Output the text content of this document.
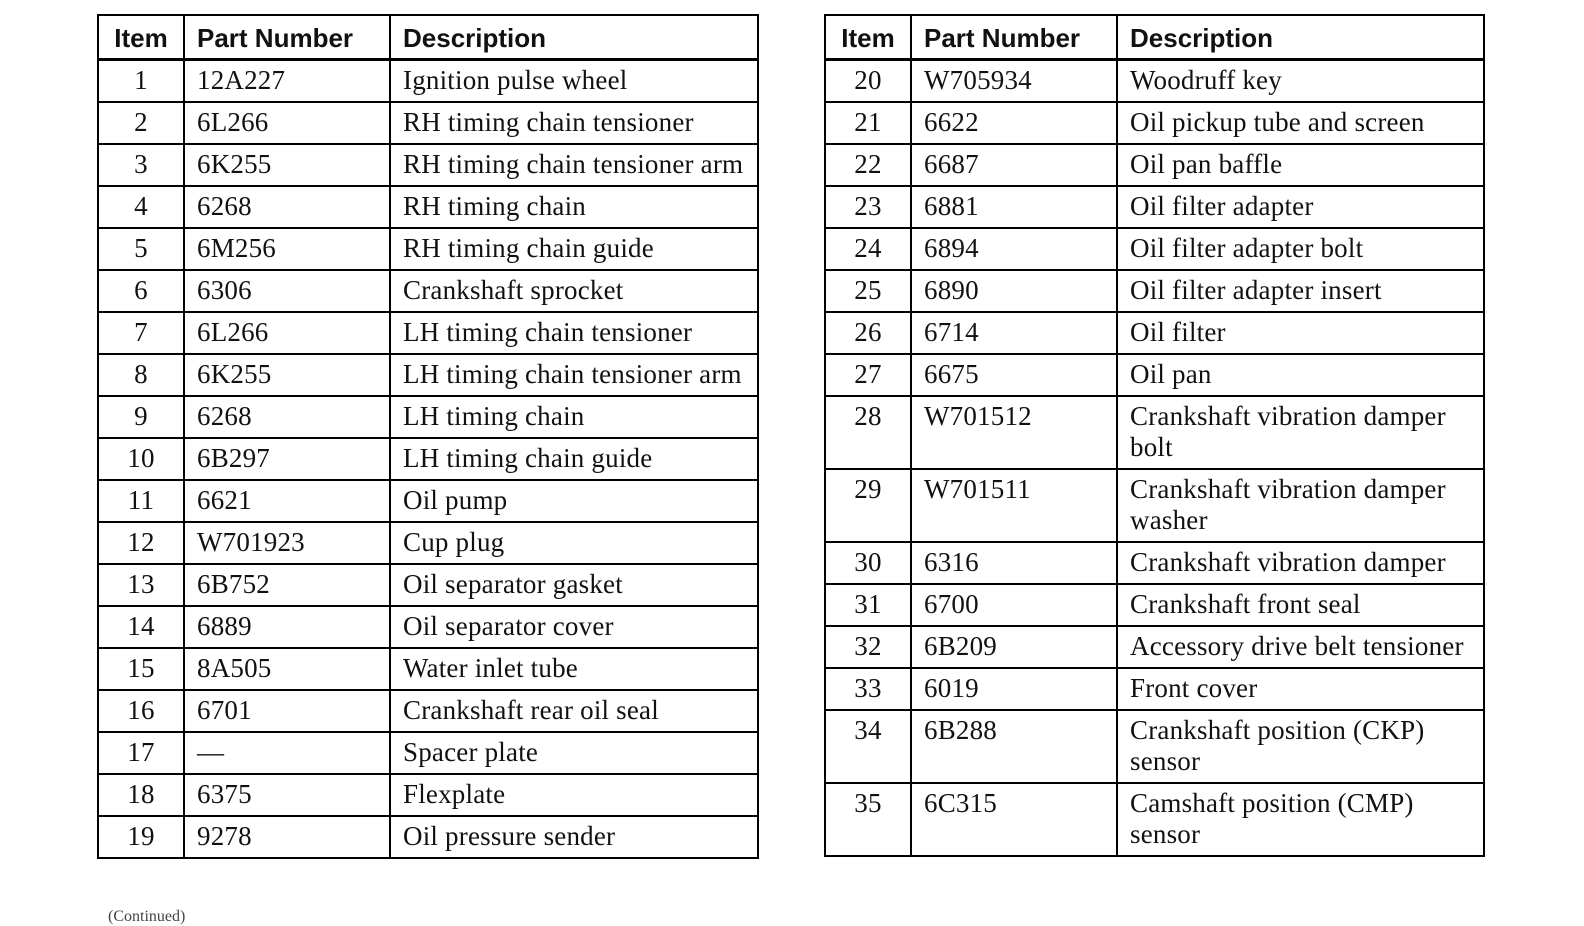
Item	Part Number	Description
1	12A227	Ignition pulse wheel
2	6L266	RH timing chain tensioner
3	6K255	RH timing chain tensioner arm
4	6268	RH timing chain
5	6M256	RH timing chain guide
6	6306	Crankshaft sprocket
7	6L266	LH timing chain tensioner
8	6K255	LH timing chain tensioner arm
9	6268	LH timing chain
10	6B297	LH timing chain guide
11	6621	Oil pump
12	W701923	Cup plug
13	6B752	Oil separator gasket
14	6889	Oil separator cover
15	8A505	Water inlet tube
16	6701	Crankshaft rear oil seal
17	—	Spacer plate
18	6375	Flexplate
19	9278	Oil pressure sender
Item	Part Number	Description
20	W705934	Woodruff key
21	6622	Oil pickup tube and screen
22	6687	Oil pan baffle
23	6881	Oil filter adapter
24	6894	Oil filter adapter bolt
25	6890	Oil filter adapter insert
26	6714	Oil filter
27	6675	Oil pan
28	W701512	Crankshaft vibration damper bolt
29	W701511	Crankshaft vibration damper washer
30	6316	Crankshaft vibration damper
31	6700	Crankshaft front seal
32	6B209	Accessory drive belt tensioner
33	6019	Front cover
34	6B288	Crankshaft position (CKP) sensor
35	6C315	Camshaft position (CMP) sensor
(Continued)
